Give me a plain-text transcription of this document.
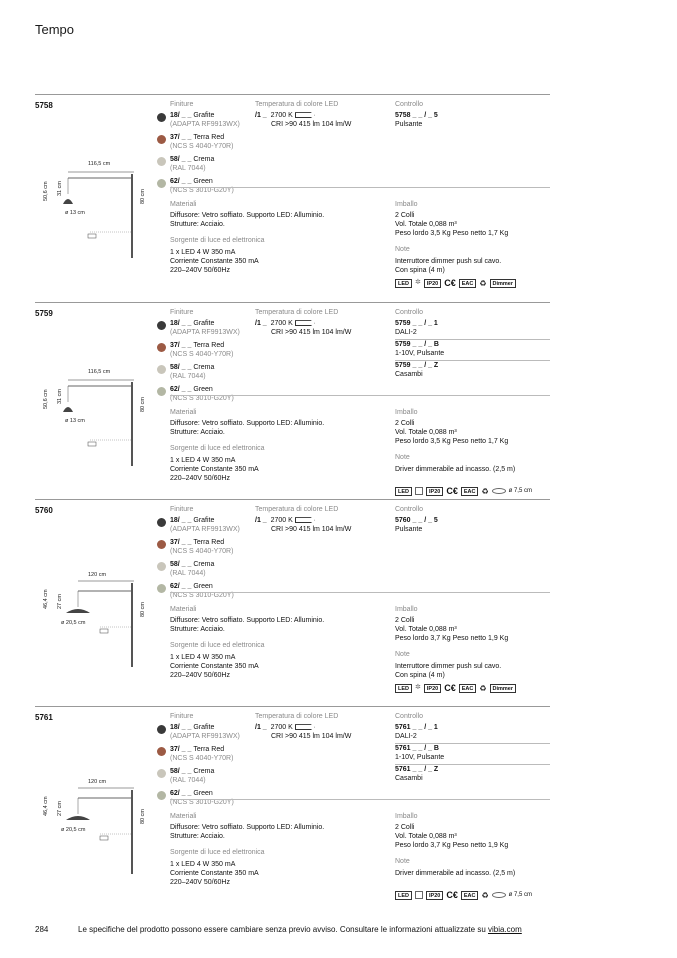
Tempo
5758	Finiture
18/ _ _ Grafite
(ADAPTA RF9913WX)
37/ _ _ Terra Red
(NCS S 4040-Y70R)
58/ _ _ Crema
(RAL 7044)
62/ _ _ Green
(NCS S 3010-G20Y)
Temperatura di colore LED
/1 _ 2700 K
CRI >90 415 lm 104 lm/W
Controllo
5758 _ _ / _ 5
Pulsante
Materiali
Diffusore: Vetro soffiato. Supporto LED: Alluminio.
Strutture: Acciaio.
Sorgente di luce ed elettronica
1 x LED 4 W 350 mA
Corriente Constante 350 mA
220–240V 50/60Hz
Imballo
2 Colli
Vol. Totale 0,088 m³
Peso lordo 3,5 Kg Peso netto 1,7 Kg
Note
Interruttore dimmer push sul cavo.
Con spina (4 m)
LED ✲	IP20 C€	EAC ♻	Dimmer
116,5 cm
50,6 cm 31 cm
80 cm
ø 13 cm
5759	Finiture
18/ _ _ Grafite
(ADAPTA RF9913WX)
37/ _ _ Terra Red
(NCS S 4040-Y70R)
58/ _ _ Crema
(RAL 7044)
62/ _ _ Green
(NCS S 3010-G20Y)
Temperatura di colore LED
/1 _ 2700 K
CRI >90 415 lm 104 lm/W
Controllo
5759 _ _ / _ 1
DALI-2
5759 _ _ / _ B
1-10V, Pulsante
5759 _ _ / _ Z
Casambi
Materiali
Diffusore: Vetro soffiato. Supporto LED: Alluminio.
Strutture: Acciaio.
Sorgente di luce ed elettronica
1 x LED 4 W 350 mA
Corriente Constante 350 mA
220–240V 50/60Hz
Imballo
2 Colli
Vol. Totale 0,088 m³
Peso lordo 3,5 Kg Peso netto 1,7 Kg
Note
Driver dimmerabile ad incasso. (2,5 m)
LED	IP20 C€	EAC ♻	ø 7,5 cm
116,5 cm
50,6 cm 31 cm
80 cm
ø 13 cm
5760	Finiture
18/ _ _ Grafite
(ADAPTA RF9913WX)
37/ _ _ Terra Red
(NCS S 4040-Y70R)
58/ _ _ Crema
(RAL 7044)
62/ _ _ Green
(NCS S 3010-G20Y)
Temperatura di colore LED
/1 _ 2700 K
CRI >90 415 lm 104 lm/W
Controllo
5760 _ _ / _ 5
Pulsante
Materiali
Diffusore: Vetro soffiato. Supporto LED: Alluminio.
Strutture: Acciaio.
Sorgente di luce ed elettronica
1 x LED 4 W 350 mA
Corriente Constante 350 mA
220–240V 50/60Hz
Imballo
2 Colli
Vol. Totale 0,088 m³
Peso lordo 3,7 Kg Peso netto 1,9 Kg
Note
Interruttore dimmer push sul cavo.
Con spina (4 m)
LED ✲	IP20 C€	EAC ♻	Dimmer
120 cm
46,4 cm 27 cm
80 cm
ø 20,5 cm
5761	Finiture
18/ _ _ Grafite
(ADAPTA RF9913WX)
37/ _ _ Terra Red
(NCS S 4040-Y70R)
58/ _ _ Crema
(RAL 7044)
62/ _ _ Green
(NCS S 3010-G20Y)
Temperatura di colore LED
/1 _ 2700 K
CRI >90 415 lm 104 lm/W
Controllo
5761 _ _ / _ 1
DALI-2
5761 _ _ / _ B
1-10V, Pulsante
5761 _ _ / _ Z
Casambi
Materiali
Diffusore: Vetro soffiato. Supporto LED: Alluminio.
Strutture: Acciaio.
Sorgente di luce ed elettronica
1 x LED 4 W 350 mA
Corriente Constante 350 mA
220–240V 50/60Hz
Imballo
2 Colli
Vol. Totale 0,088 m³
Peso lordo 3,7 Kg Peso netto 1,9 Kg
Note
Driver dimmerabile ad incasso. (2,5 m)
LED	IP20 C€	EAC ♻	ø 7,5 cm
120 cm
46,4 cm 27 cm
80 cm
ø 20,5 cm
284	Le specifiche del prodotto possono essere cambiare senza previo avviso. Consultare le informazioni attualizzate su vibia.com
